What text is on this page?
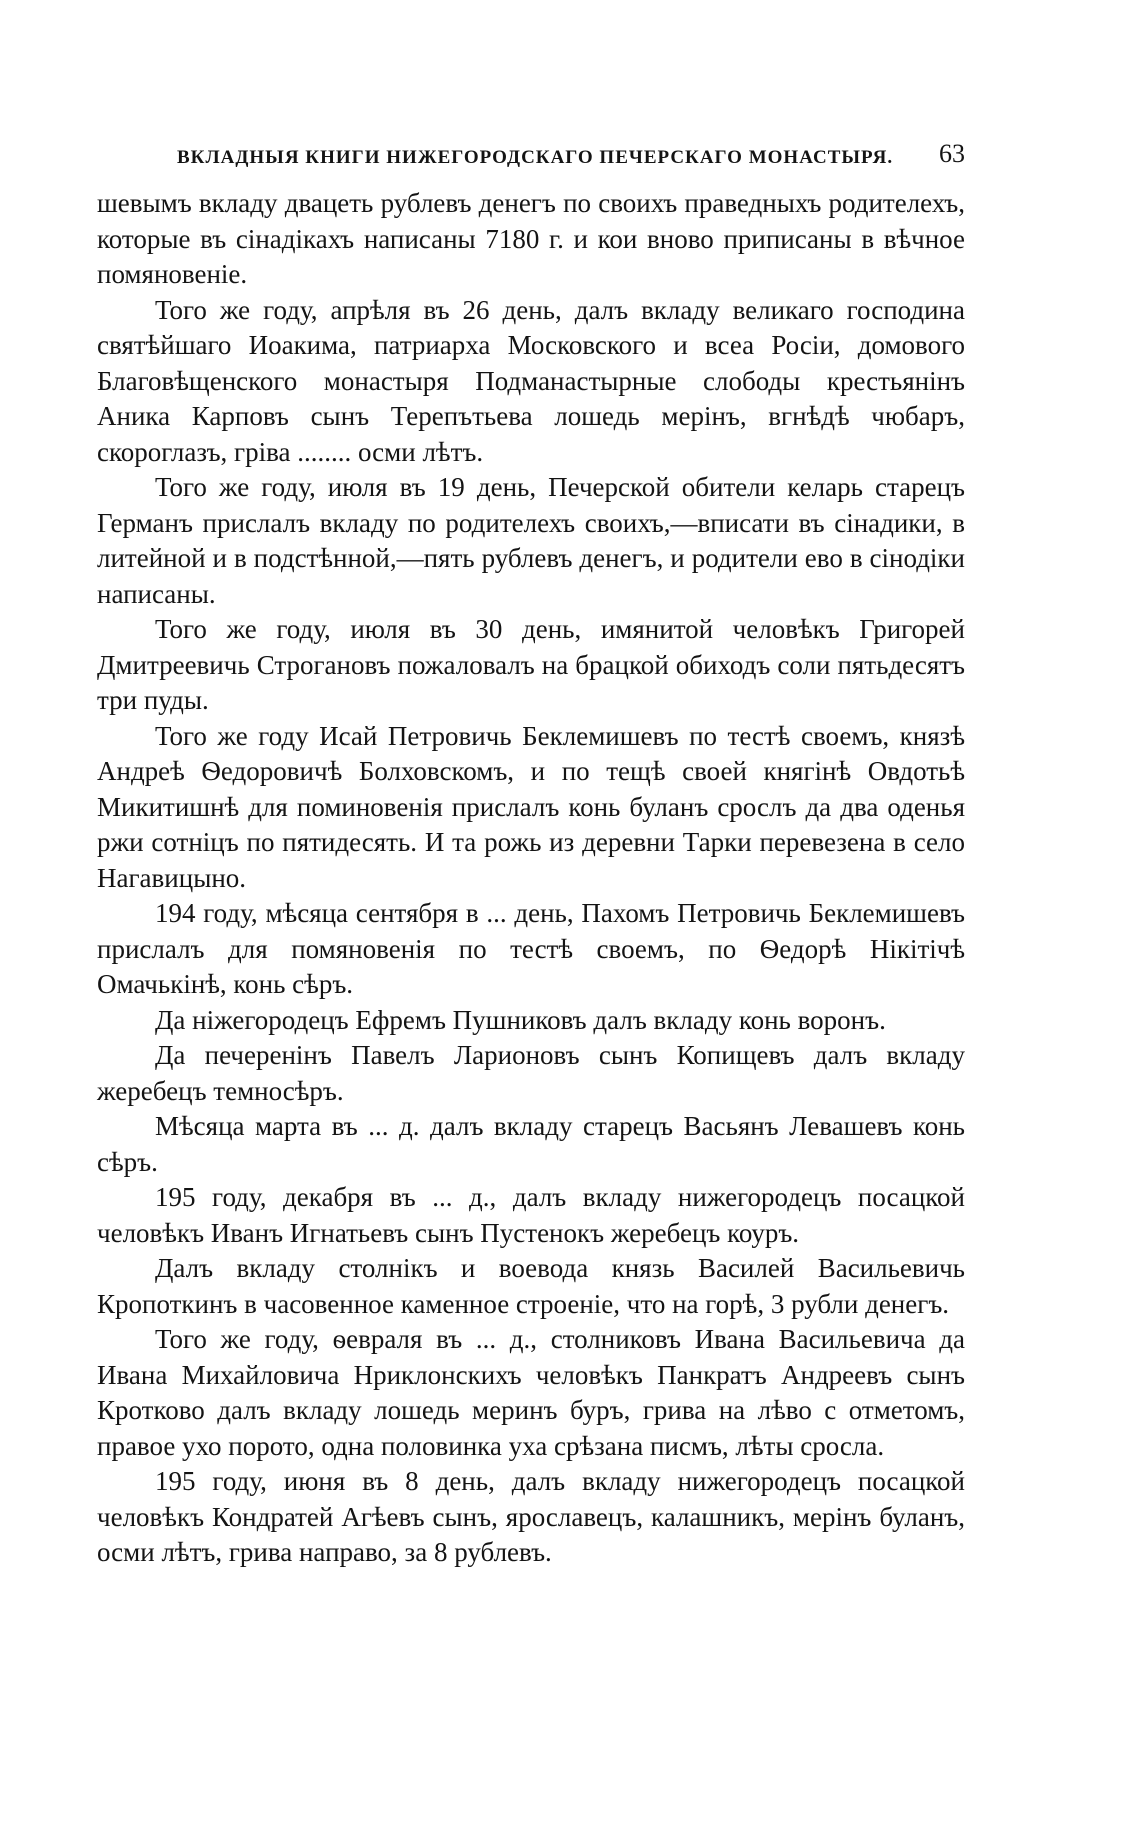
ВКЛАДНЫЯ КНИГИ НИЖЕГОРОДСКАГО ПЕЧЕРСКАГО МОНАСТЫРЯ. 63

шевымъ вкладу двацеть рублевъ денегъ по своихъ праведныхъ родителехъ, которые въ сінадікахъ написаны 7180 г. и кои вново приписаны в вѣчное помяновеніе.

Того же году, апрѣля въ 26 день, далъ вкладу великаго господина святѣйшаго Иоакима, патриарха Московского и всеа Росіи, домового Благовѣщенского монастыря Подманастырные слободы крестьянінъ Аника Карповъ сынъ Терепътьева лошедь мерінъ, вгнѣдѣ чюбаръ, скороглазъ, гріва ........ осми лѣтъ.

Того же году, июля въ 19 день, Печерской обители келарь старецъ Германъ прислалъ вкладу по родителехъ своихъ,—вписати въ сінадики, в литейной и в подстѣнной,—пять рублевъ денегъ, и родители ево в сінодіки написаны.

Того же году, июля въ 30 день, имянитой человѣкъ Григорей Дмитреевичь Строгановъ пожаловалъ на брацкой обиходъ соли пятьдесятъ три пуды.

Того же году Исай Петровичь Беклемишевъ по тестѣ своемъ, князѣ Андреѣ Ѳедоровичѣ Болховскомъ, и по тещѣ своей княгінѣ Овдотьѣ Микитишнѣ для поминовенія прислалъ конь буланъ срослъ да два оденья ржи сотніцъ по пятидесять. И та рожь из деревни Тарки перевезена в село Нагавицыно.

194 году, мѣсяца сентября в ... день, Пахомъ Петровичь Беклемишевъ прислалъ для помяновенія по тестѣ своемъ, по Ѳедорѣ Нікітічѣ Омачькінѣ, конь сѣръ.

Да нiжегородецъ Ефремъ Пушниковъ далъ вкладу конь воронъ.

Да печеренінъ Павелъ Ларионовъ сынъ Копищевъ далъ вкладу жеребецъ темносѣръ.

Мѣсяца марта въ ... д. далъ вкладу старецъ Васьянъ Левашевъ конь сѣръ.

195 году, декабря въ ... д., далъ вкладу нижегородецъ посацкой человѣкъ Иванъ Игнатьевъ сынъ Пустенокъ жеребецъ коуръ.

Далъ вкладу столнiкъ и воевода князь Василей Васильевичь Кропоткинъ в часовенное каменное строеніе, что на горѣ, 3 рубли денегъ.

Того же году, ѳевраля въ ... д., столниковъ Ивана Васильевича да Ивана Михайловича Нриклонскихъ человѣкъ Панкратъ Андреевъ сынъ Кротково далъ вкладу лошедь меринъ буръ, грива на лѣво с отметомъ, правое ухо порото, одна половинка уха срѣзана писмъ, лѣты сросла.

195 году, июня въ 8 день, далъ вкладу нижегородецъ посацкой человѣкъ Кондратей Агѣевъ сынъ, ярославецъ, калашникъ, мерінъ буланъ, осми лѣтъ, грива направо, за 8 рублевъ.
